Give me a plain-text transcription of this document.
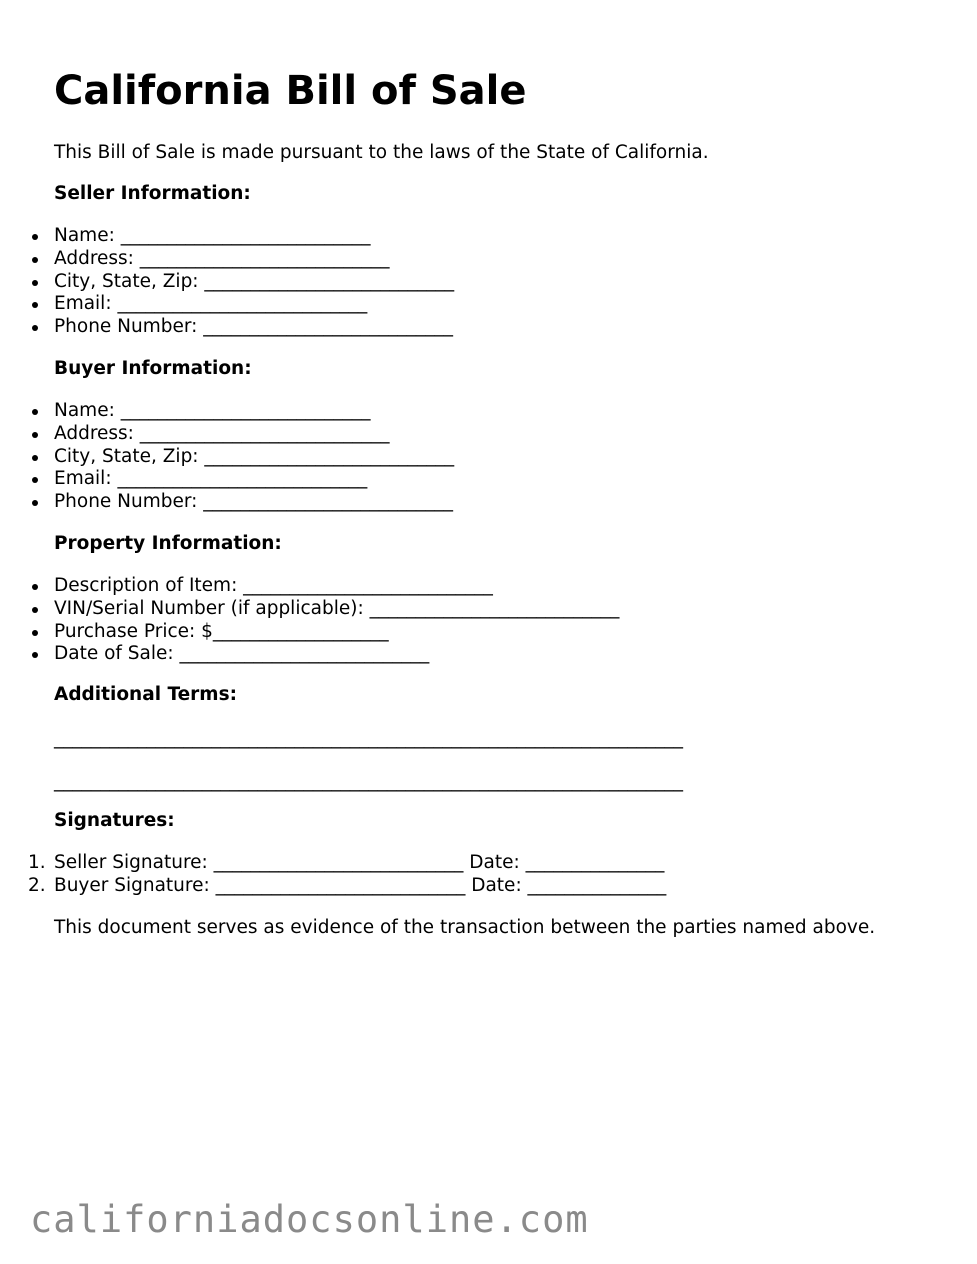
California Bill of Sale
This Bill of Sale is made pursuant to the laws of the State of California.
Seller Information:
Name: ___________________________
Address: ___________________________
City, State, Zip: ___________________________
Email: ___________________________
Phone Number: ___________________________
Buyer Information:
Name: ___________________________
Address: ___________________________
City, State, Zip: ___________________________
Email: ___________________________
Phone Number: ___________________________
Property Information:
Description of Item: ___________________________
VIN/Serial Number (if applicable): ___________________________
Purchase Price: $___________________
Date of Sale: ___________________________
Additional Terms:
____________________________________________________________________
____________________________________________________________________
Signatures:
1. Seller Signature: ___________________________ Date: _______________
2. Buyer Signature: ___________________________ Date: _______________
This document serves as evidence of the transaction between the parties named above.
californiadocsonline.com
